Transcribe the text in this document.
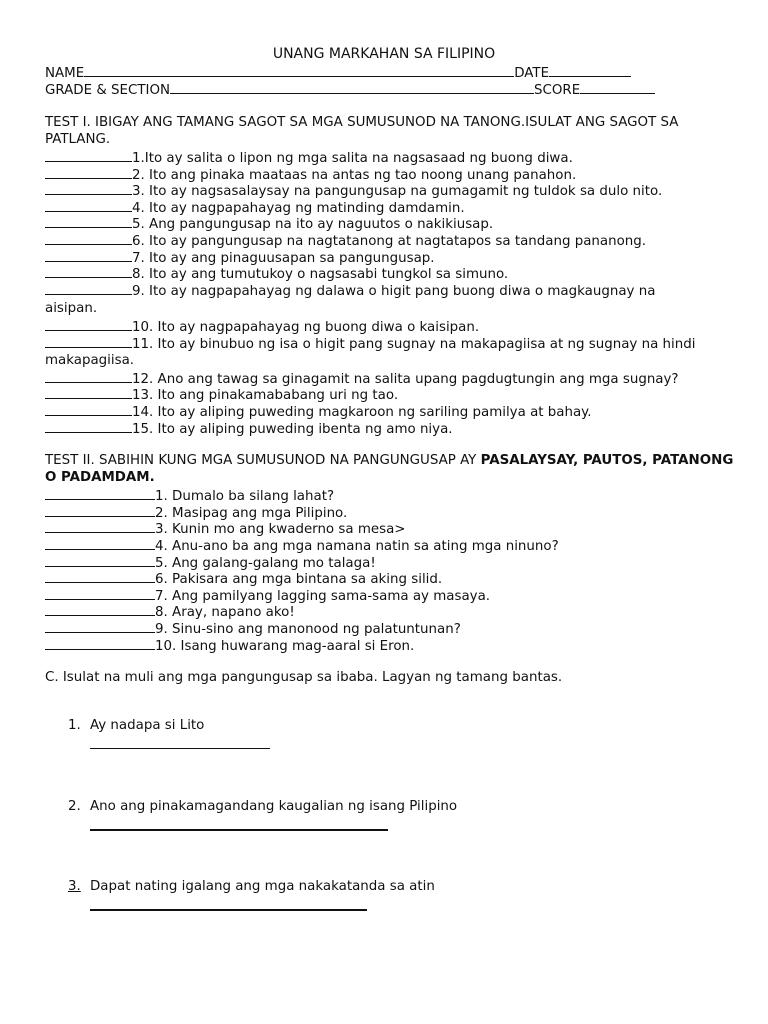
UNANG MARKAHAN SA FILIPINO
NAME	DATE
GRADE & SECTION	SCORE
TEST I. IBIGAY ANG TAMANG SAGOT SA MGA SUMUSUNOD NA TANONG.ISULAT ANG SAGOT SA PATLANG.
1.Ito ay salita o lipon ng mga salita na nagsasaad ng buong diwa.
2. Ito ang pinaka maataas na antas ng tao noong unang panahon.
3. Ito ay nagsasalaysay na pangungusap na gumagamit ng tuldok sa dulo nito.
4. Ito ay nagpapahayag ng matinding damdamin.
5. Ang pangungusap na ito ay naguutos o nakikiusap.
6. Ito ay pangungusap na nagtatanong at nagtatapos sa tandang pananong.
7. Ito ay ang pinaguusapan sa pangungusap.
8. Ito ay ang tumutukoy o nagsasabi tungkol sa simuno.
9. Ito ay nagpapahayag ng dalawa o higit pang buong diwa o magkaugnay na
aisipan.
10. Ito ay nagpapahayag ng buong diwa o kaisipan.
11. Ito ay binubuo ng isa o higit pang sugnay na makapagiisa at ng sugnay na hindi
makapagiisa.
12. Ano ang tawag sa ginagamit na salita upang pagdugtungin ang mga sugnay?
13. Ito ang pinakamababang uri ng tao.
14. Ito ay aliping puweding magkaroon ng sariling pamilya at bahay.
15. Ito ay aliping puweding ibenta ng amo niya.
TEST II. SABIHIN KUNG MGA SUMUSUNOD NA PANGUNGUSAP AY PASALAYSAY, PAUTOS, PATANONG O PADAMDAM.
1. Dumalo ba silang lahat?
2. Masipag ang mga Pilipino.
3. Kunin mo ang kwaderno sa mesa>
4. Anu-ano ba ang mga namana natin sa ating mga ninuno?
5. Ang galang-galang mo talaga!
6. Pakisara ang mga bintana sa aking silid.
7. Ang pamilyang lagging sama-sama ay masaya.
8. Aray, napano ako!
9. Sinu-sino ang manonood ng palatuntunan?
10. Isang huwarang mag-aaral si Eron.
C. Isulat na muli ang mga pangungusap sa ibaba. Lagyan ng tamang bantas.
1. Ay nadapa si Lito
2. Ano ang pinakamagandang kaugalian ng isang Pilipino
3. Dapat nating igalang ang mga nakakatanda sa atin
